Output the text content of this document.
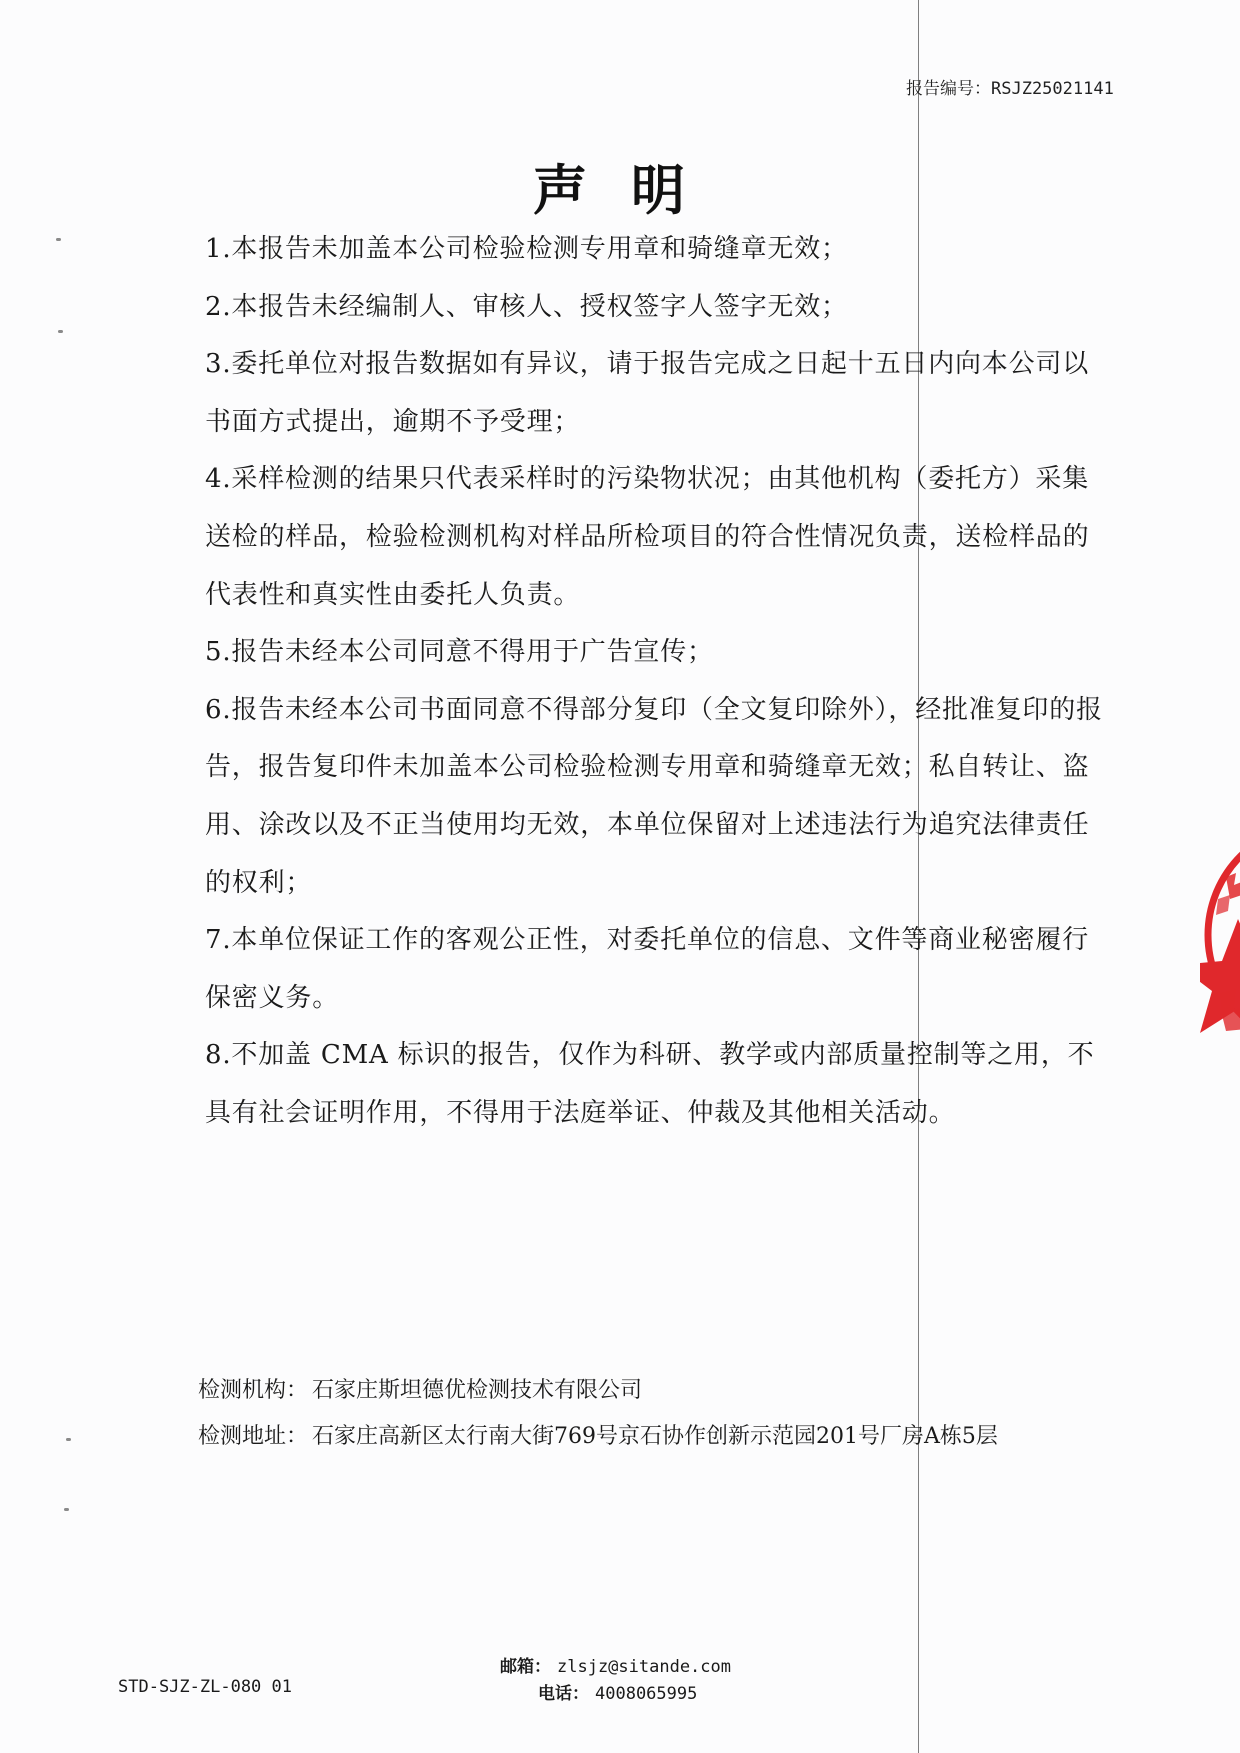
报告编号：RSJZ25021141
声明

1.本报告未加盖本公司检验检测专用章和骑缝章无效；

2.本报告未经编制人、审核人、授权签字人签字无效；

3.委托单位对报告数据如有异议，请于报告完成之日起十五日内向本公司以书面方式提出，逾期不予受理；

4.采样检测的结果只代表采样时的污染物状况；由其他机构（委托方）采集送检的样品，检验检测机构对样品所检项目的符合性情况负责，送检样品的代表性和真实性由委托人负责。

5.报告未经本公司同意不得用于广告宣传；

6.报告未经本公司书面同意不得部分复印（全文复印除外），经批准复印的报告，报告复印件未加盖本公司检验检测专用章和骑缝章无效；私自转让、盗用、涂改以及不正当使用均无效，本单位保留对上述违法行为追究法律责任的权利；

7.本单位保证工作的客观公正性，对委托单位的信息、文件等商业秘密履行保密义务。

8.不加盖 CMA 标识的报告，仅作为科研、教学或内部质量控制等之用，不具有社会证明作用，不得用于法庭举证、仲裁及其他相关活动。

检测机构： 石家庄斯坦德优检测技术有限公司
检测地址： 石家庄高新区太行南大街769号京石协作创新示范园201号厂房A栋5层
邮箱： zlsjz@sitande.com
电话： 4008065995
STD-SJZ-ZL-080 01
